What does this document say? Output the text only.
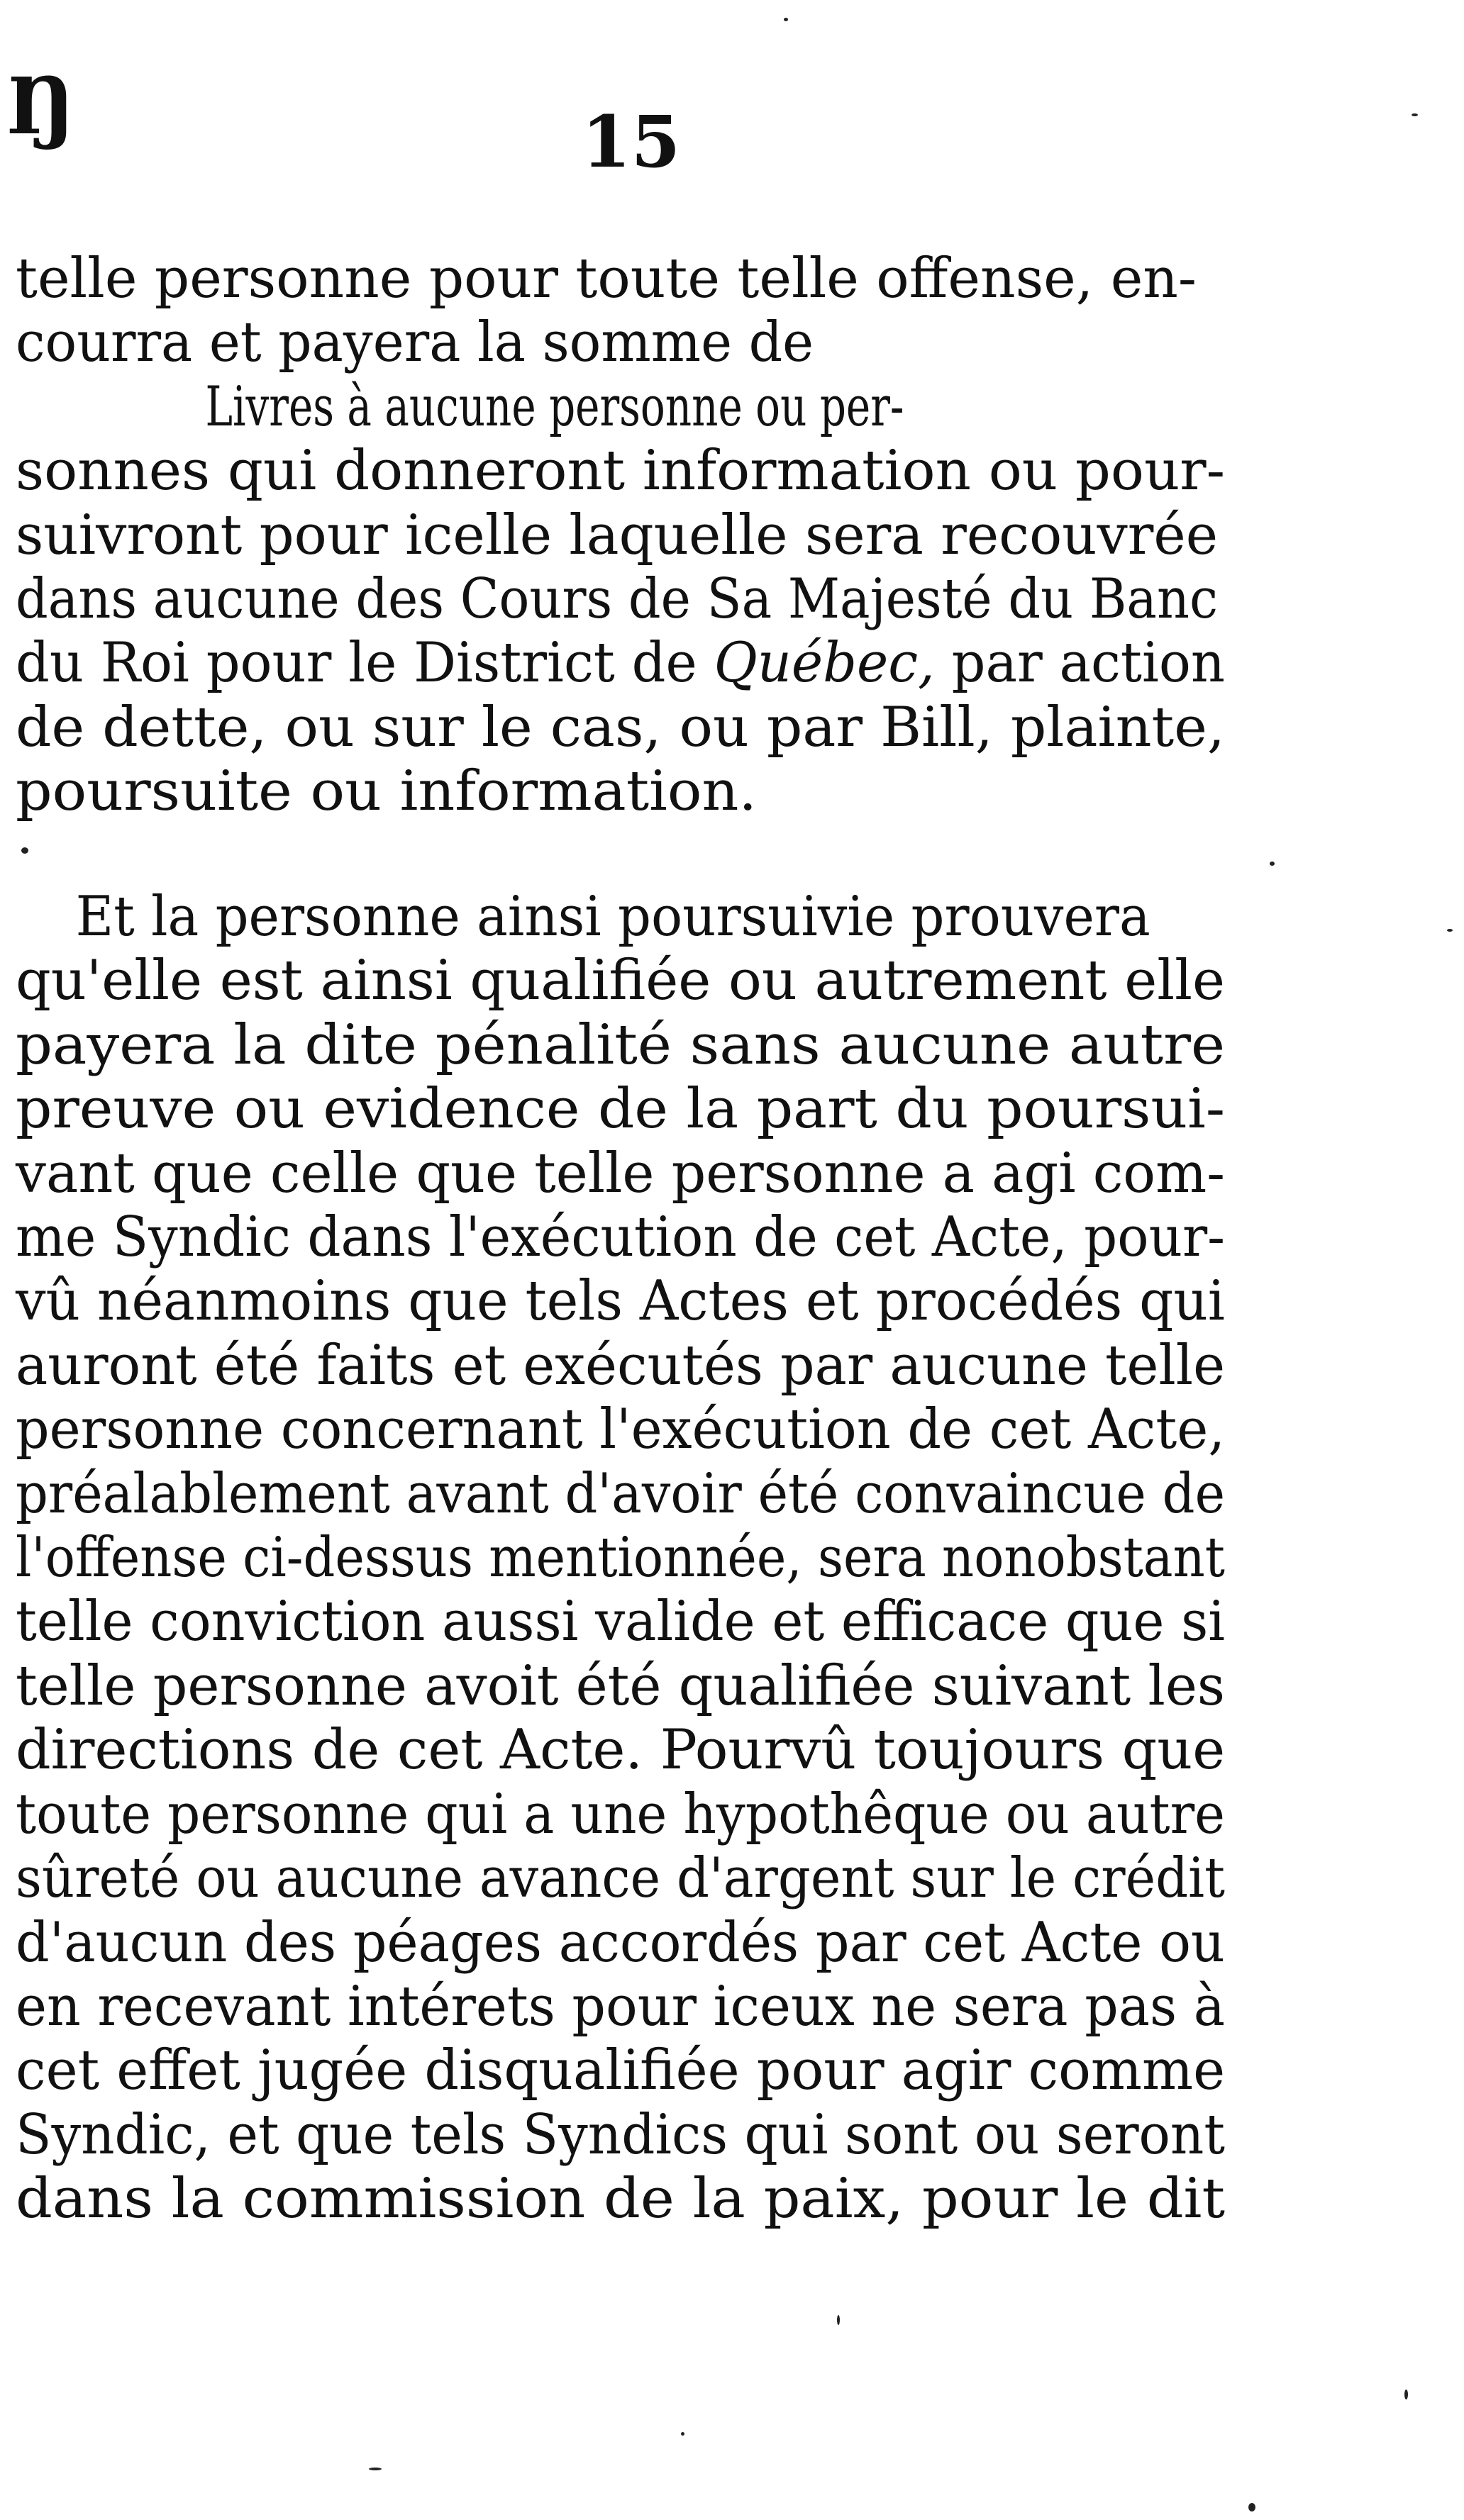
Ŋ	15
telle personne pour toute telle offense, en-
courra et payera la somme de
Livres à aucune personne ou per-
sonnes qui donneront information ou pour-
suivront pour icelle laquelle sera recouvrée
dans aucune des Cours de Sa Majesté du Banc
du Roi pour le District de Québec, par action
de dette, ou sur le cas, ou par Bill, plainte,
poursuite ou information.
Et la personne ainsi poursuivie prouvera
qu'elle est ainsi qualifiée ou autrement elle
payera la dite pénalité sans aucune autre
preuve ou evidence de la part du poursui-
vant que celle que telle personne a agi com-
me Syndic dans l'exécution de cet Acte, pour-
vû néanmoins que tels Actes et procédés qui
auront été faits et exécutés par aucune telle
personne concernant l'exécution de cet Acte,
préalablement avant d'avoir été convaincue de
l'offense ci-dessus mentionnée, sera nonobstant
telle conviction aussi valide et efficace que si
telle personne avoit été qualifiée suivant les
directions de cet Acte. Pourvû toujours que
toute personne qui a une hypothêque ou autre
sûreté ou aucune avance d'argent sur le crédit
d'aucun des péages accordés par cet Acte ou
en recevant intérets pour iceux ne sera pas à
cet effet jugée disqualifiée pour agir comme
Syndic, et que tels Syndics qui sont ou seront
dans la commission de la paix, pour le dit
